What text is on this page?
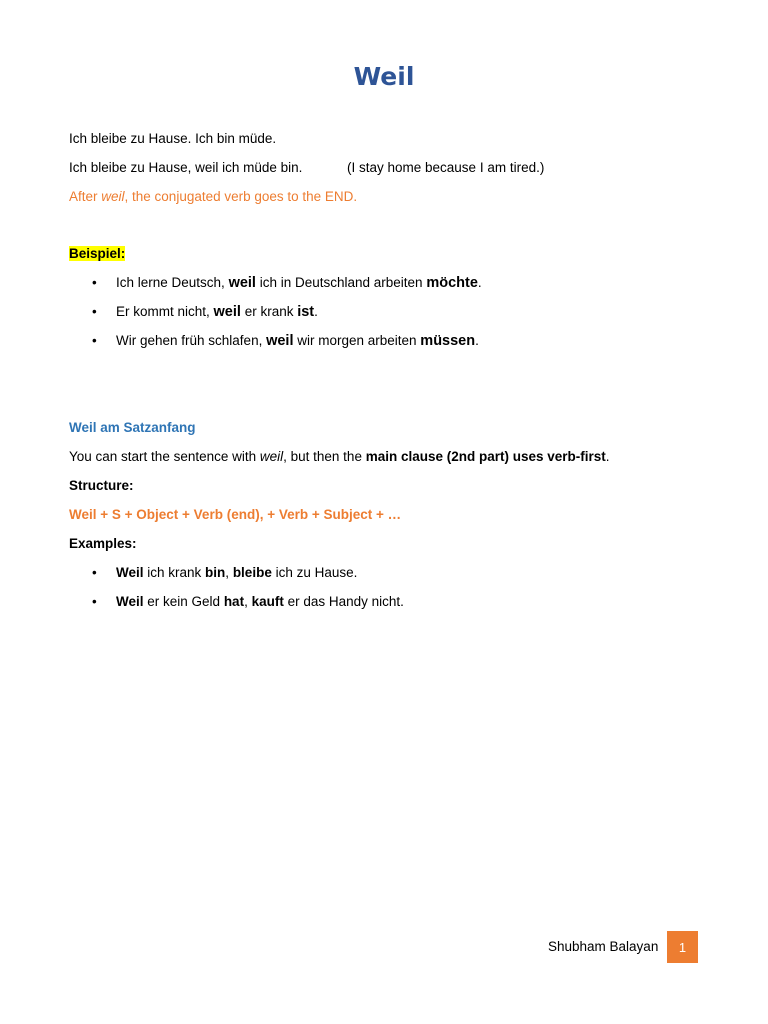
Weil
Ich bleibe zu Hause. Ich bin müde.
Ich bleibe zu Hause, weil ich müde bin.	(I stay home because I am tired.)
After weil, the conjugated verb goes to the END.
Beispiel:
• Ich lerne Deutsch, weil ich in Deutschland arbeiten möchte.
• Er kommt nicht, weil er krank ist.
• Wir gehen früh schlafen, weil wir morgen arbeiten müssen.
Weil am Satzanfang
You can start the sentence with weil, but then the main clause (2nd part) uses verb-first.
Structure:
Weil + S + Object + Verb (end), + Verb + Subject + …
Examples:
• Weil ich krank bin, bleibe ich zu Hause.
• Weil er kein Geld hat, kauft er das Handy nicht.
Shubham Balayan	1
